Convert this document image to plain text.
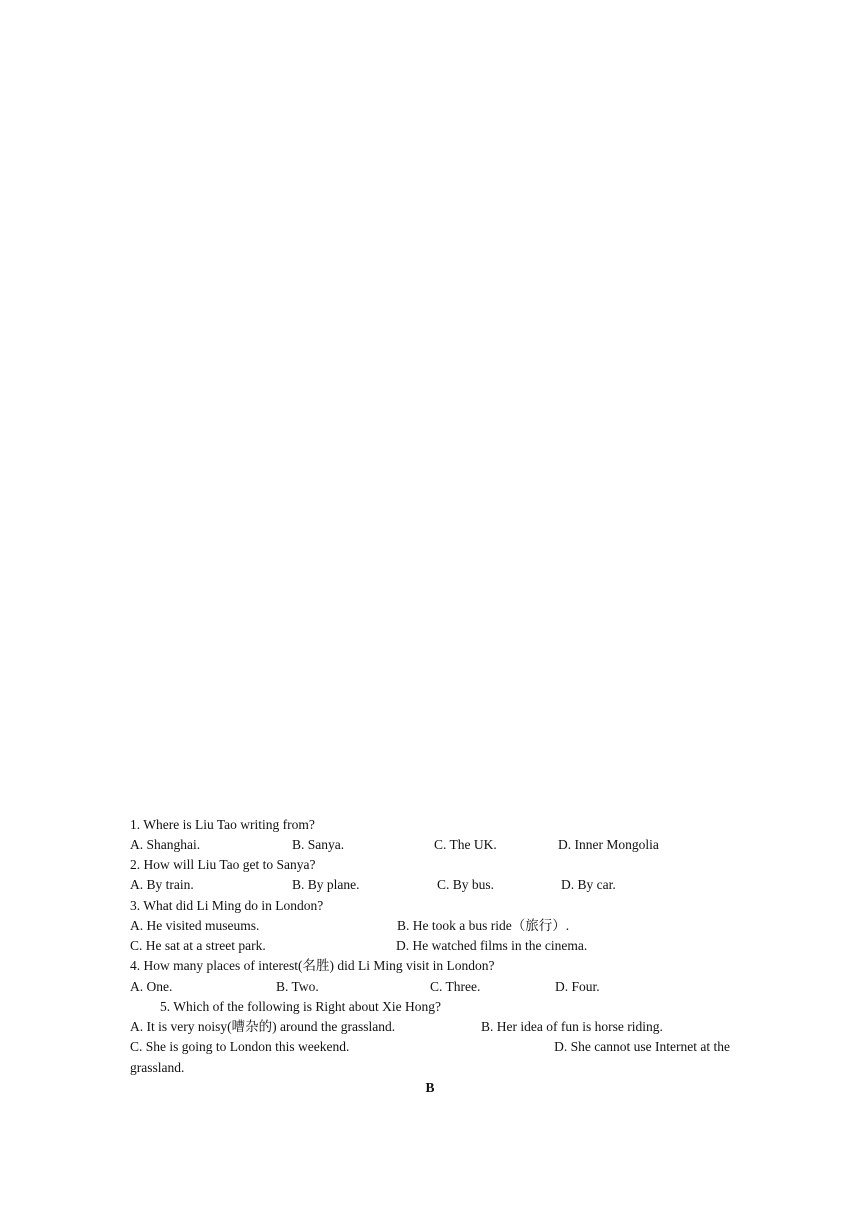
1. Where is Liu Tao writing from?
A. Shanghai.	B. Sanya.	C. The UK.	D. Inner Mongolia
2. How will Liu Tao get to Sanya?
A. By train.	B. By plane.	C. By bus.	D. By car.
3. What did Li Ming do in London?
A. He visited museums.	B. He took a bus ride（旅行）.
C. He sat at a street park.	D. He watched films in the cinema.
4. How many places of interest(名胜) did Li Ming visit in London?
A. One.	B. Two.	C. Three.	D. Four.
5. Which of the following is Right about Xie Hong?
A. It is very noisy(嘈杂的) around the grassland.	B. Her idea of fun is horse riding.
C. She is going to London this weekend.	D. She cannot use Internet at the
grassland.
B
